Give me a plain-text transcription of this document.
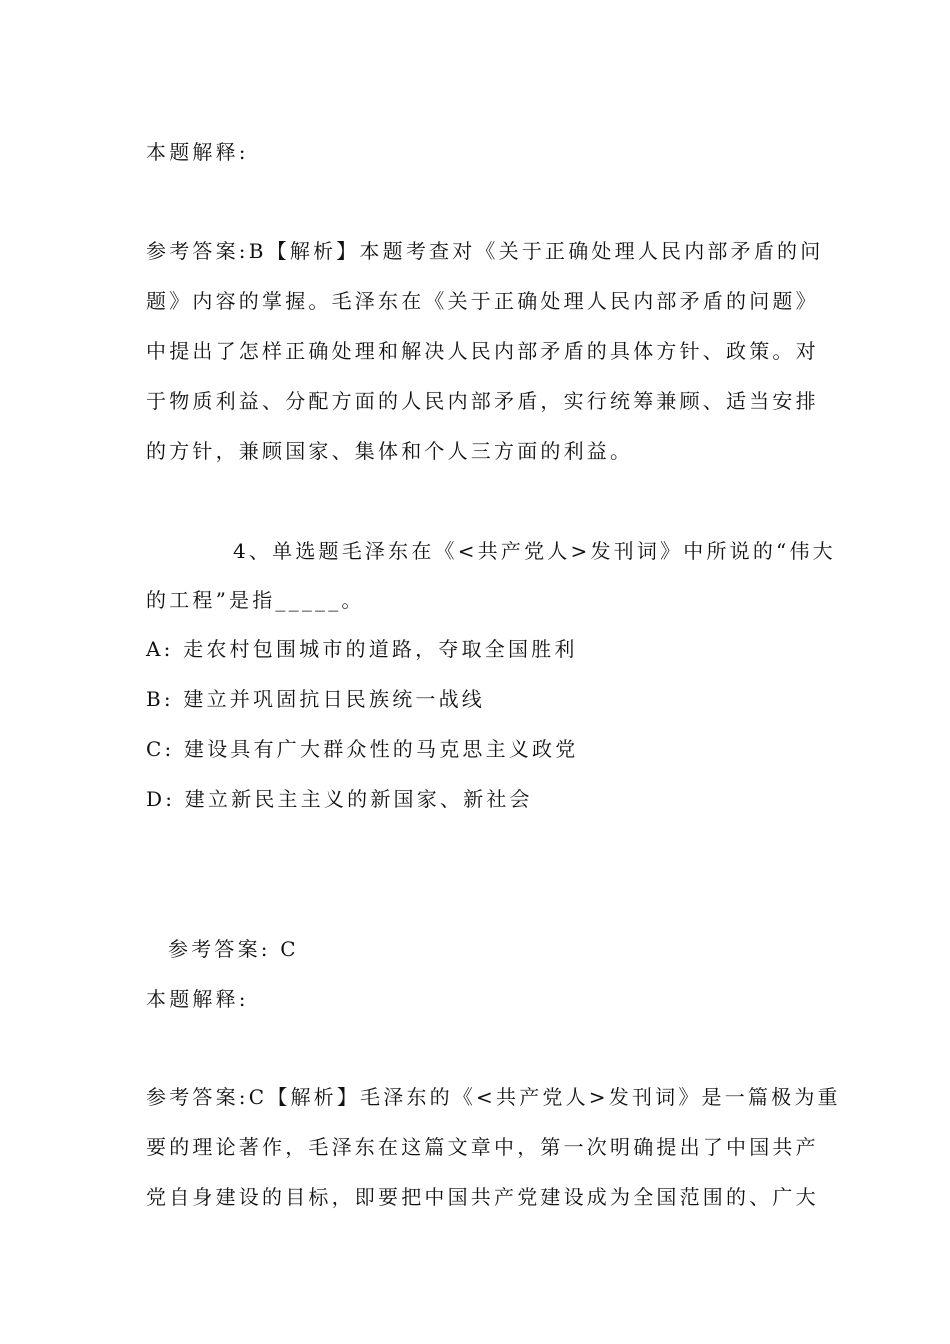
本题解释:
参考答案:B【解析】本题考查对《关于正确处理人民内部矛盾的问
题》内容的掌握。毛泽东在《关于正确处理人民内部矛盾的问题》
中提出了怎样正确处理和解决人民内部矛盾的具体方针、政策。对
于物质利益、分配方面的人民内部矛盾，实行统筹兼顾、适当安排
的方针，兼顾国家、集体和个人三方面的利益。
4、单选题毛泽东在《<共产党人>发刊词》中所说的“伟大
的工程”是指_____。
A: 走农村包围城市的道路，夺取全国胜利
B: 建立并巩固抗日民族统一战线
C: 建设具有广大群众性的马克思主义政党
D: 建立新民主主义的新国家、新社会
参考答案: C
本题解释:
参考答案:C【解析】毛泽东的《<共产党人>发刊词》是一篇极为重
要的理论著作，毛泽东在这篇文章中，第一次明确提出了中国共产
党自身建设的目标，即要把中国共产党建设成为全国范围的、广大
